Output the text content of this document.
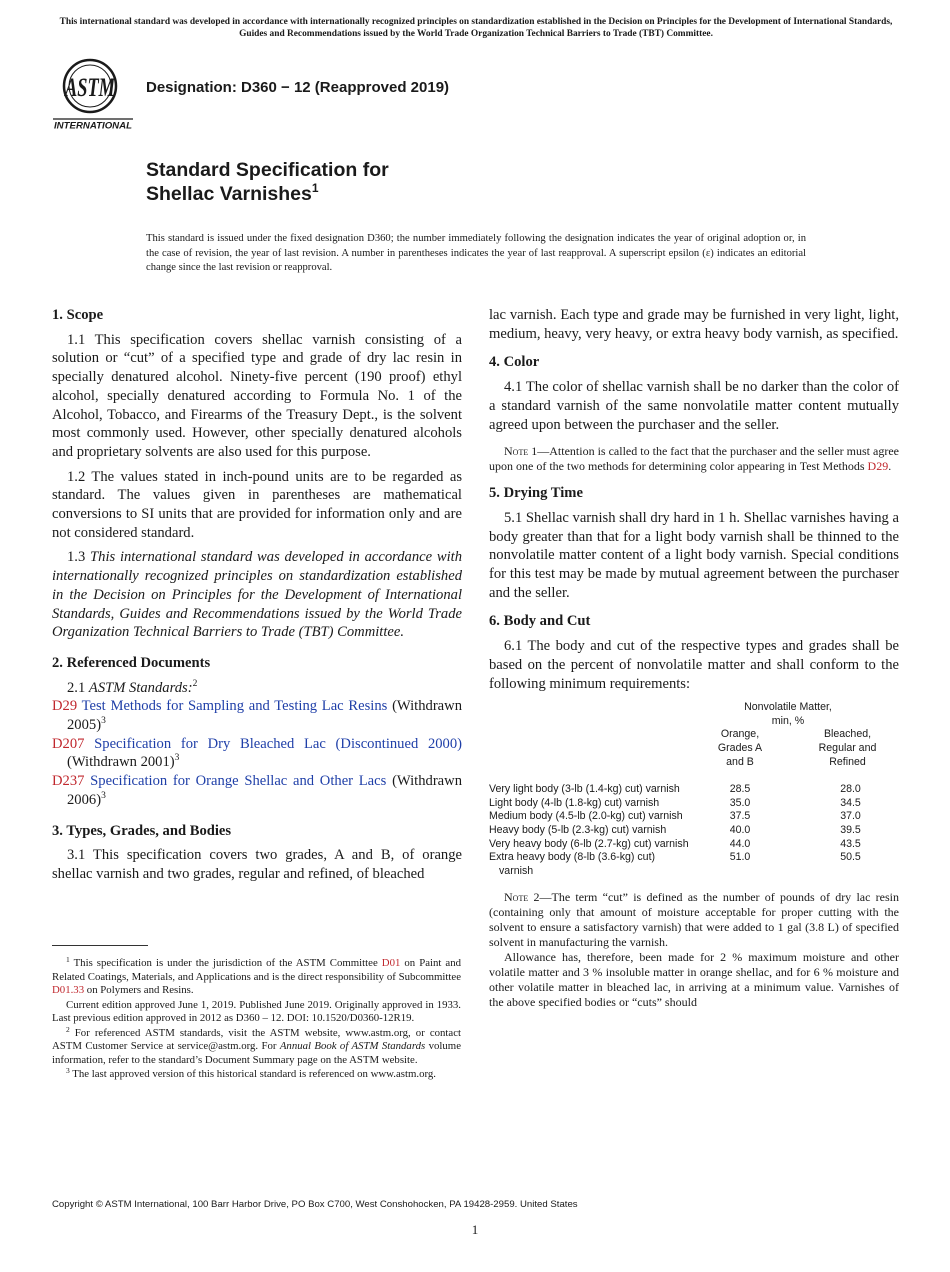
This international standard was developed in accordance with internationally recognized principles on standardization established in the Decision on Principles for the Development of International Standards, Guides and Recommendations issued by the World Trade Organization Technical Barriers to Trade (TBT) Committee.
ASTM
INTERNATIONAL
Designation: D360 − 12 (Reapproved 2019)
Standard Specification for
Shellac Varnishes$^1$
This standard is issued under the fixed designation D360; the number immediately following the designation indicates the year of original adoption or, in the case of revision, the year of last revision. A number in parentheses indicates the year of last reapproval. A superscript epsilon (ε) indicates an editorial change since the last revision or reapproval.

1. Scope

1.1 This specification covers shellac varnish consisting of a solution or “cut” of a specified type and grade of dry lac resin in specially denatured alcohol. Ninety-five percent (190 proof) ethyl alcohol, specially denatured according to Formula No. 1 of the Alcohol, Tobacco, and Firearms of the Treasury Dept., is the solvent most commonly used. However, other specially denatured alcohols and proprietary solvents are also used for this purpose.

1.2 The values stated in inch-pound units are to be regarded as standard. The values given in parentheses are mathematical conversions to SI units that are provided for information only and are not considered standard.

1.3 This international standard was developed in accordance with internationally recognized principles on standardization established in the Decision on Principles for the Development of International Standards, Guides and Recommendations issued by the World Trade Organization Technical Barriers to Trade (TBT) Committee.

2. Referenced Documents

2.1 ASTM Standards:$^2$

D29 Test Methods for Sampling and Testing Lac Resins (Withdrawn 2005)$^3$

D207 Specification for Dry Bleached Lac (Discontinued 2000) (Withdrawn 2001)$^3$

D237 Specification for Orange Shellac and Other Lacs (Withdrawn 2006)$^3$

3. Types, Grades, and Bodies

3.1 This specification covers two grades, A and B, of orange shellac varnish and two grades, regular and refined, of bleached

$^1$ This specification is under the jurisdiction of the ASTM Committee D01 on Paint and Related Coatings, Materials, and Applications and is the direct responsibility of Subcommittee D01.33 on Polymers and Resins.

Current edition approved June 1, 2019. Published June 2019. Originally approved in 1933. Last previous edition approved in 2012 as D360 – 12. DOI: 10.1520/D0360-12R19.

$^2$ For referenced ASTM standards, visit the ASTM website, www.astm.org, or contact ASTM Customer Service at service@astm.org. For Annual Book of ASTM Standards volume information, refer to the standard’s Document Summary page on the ASTM website.

$^3$ The last approved version of this historical standard is referenced on www.astm.org.

lac varnish. Each type and grade may be furnished in very light, light, medium, heavy, very heavy, or extra heavy body varnish, as specified.

4. Color

4.1 The color of shellac varnish shall be no darker than the color of a standard varnish of the same nonvolatile matter content mutually agreed upon between the purchaser and the seller.

Note 1—Attention is called to the fact that the purchaser and the seller must agree upon one of the two methods for determining color appearing in Test Methods D29.

5. Drying Time

5.1 Shellac varnish shall dry hard in 1 h. Shellac varnishes having a body greater than that for a light body varnish shall be thinned to the nonvolatile matter content of a light body varnish. Special conditions for this test may be made by mutual agreement between the purchaser and the seller.

6. Body and Cut

6.1 The body and cut of the respective types and grades shall be based on the percent of nonvolatile matter and shall conform to the following minimum requirements:

	Nonvolatile Matter, min, %	
	Orange, Grades A and B	Bleached, Regular and Refined

Very light body (3-lb (1.4-kg) cut) varnish	28.5	28.0
Light body (4-lb (1.8-kg) cut) varnish	35.0	34.5
Medium body (4.5-lb (2.0-kg) cut) varnish	37.5	37.0
Heavy body (5-lb (2.3-kg) cut) varnish	40.0	39.5
Very heavy body (6-lb (2.7-kg) cut) varnish	44.0	43.5
Extra heavy body (8-lb (3.6-kg) cut) varnish	51.0	50.5

Note 2—The term “cut” is defined as the number of pounds of dry lac resin (containing only that amount of moisture acceptable for proper cutting with the solvent to ensure a satisfactory varnish) that were added to 1 gal (3.8 L) of specified solvent in manufacturing the varnish.

Allowance has, therefore, been made for 2 % maximum moisture and other volatile matter and 3 % insoluble matter in orange shellac, and for 6 % moisture and other volatile matter in bleached lac, in arriving at a minimum value. Varnishes of the above specified bodies or “cuts” should

Copyright © ASTM International, 100 Barr Harbor Drive, PO Box C700, West Conshohocken, PA 19428-2959. United States
1
